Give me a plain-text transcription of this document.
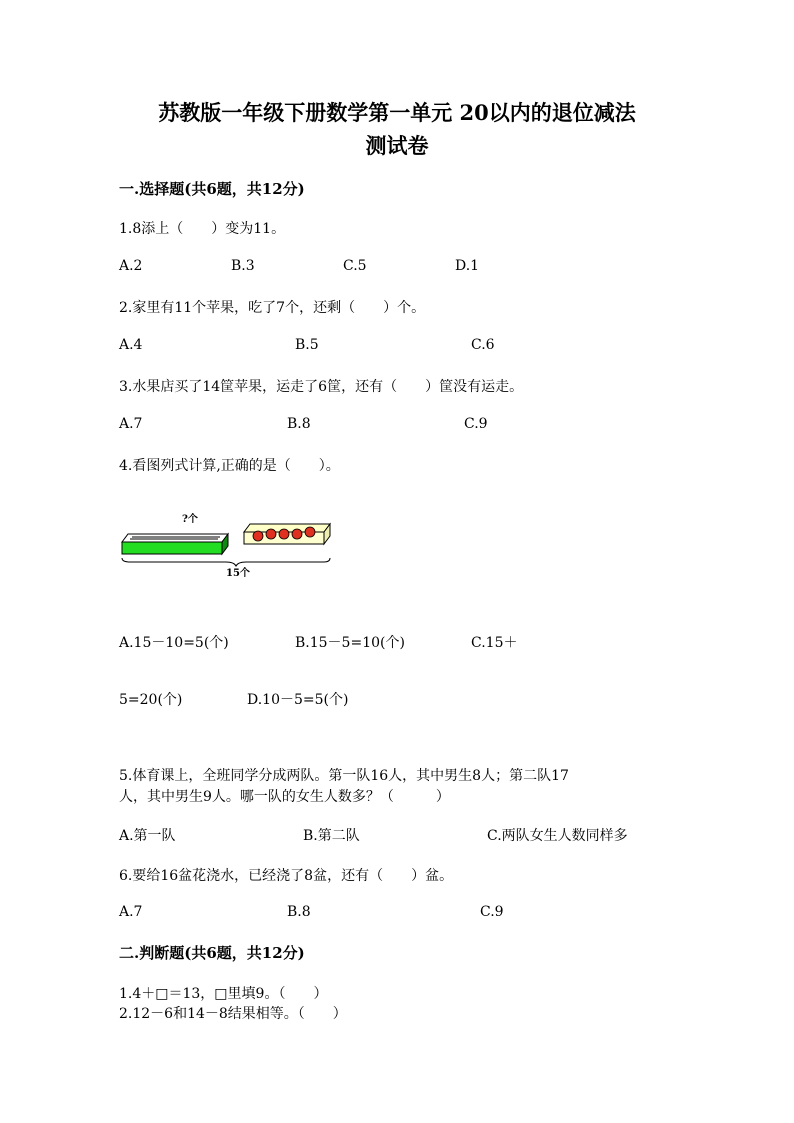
苏教版一年级下册数学第一单元 20以内的退位减法
测试卷
一.选择题(共6题，共12分)
1.8添上（　　）变为11。
A.2	B.3	C.5	D.1
2.家里有11个苹果，吃了7个，还剩（　　）个。
A.4	B.5	C.6
3.水果店买了14筐苹果，运走了6筐，还有（　　）筐没有运走。
A.7	B.8	C.9
4.看图列式计算,正确的是（　　）。
?个
15个
A.15－10=5(个)	B.15－5=10(个)	C.15＋
5=20(个)	D.10－5=5(个)
5.体育课上，全班同学分成两队。第一队16人，其中男生8人；第二队17
人，其中男生9人。哪一队的女生人数多？（　　　）
A.第一队	B.第二队	C.两队女生人数同样多
6.要给16盆花浇水，已经浇了8盆，还有（　　）盆。
A.7	B.8	C.9
二.判断题(共6题，共12分)
1.4＋□＝13，□里填9。（　　）
2.12－6和14－8结果相等。（　　）
